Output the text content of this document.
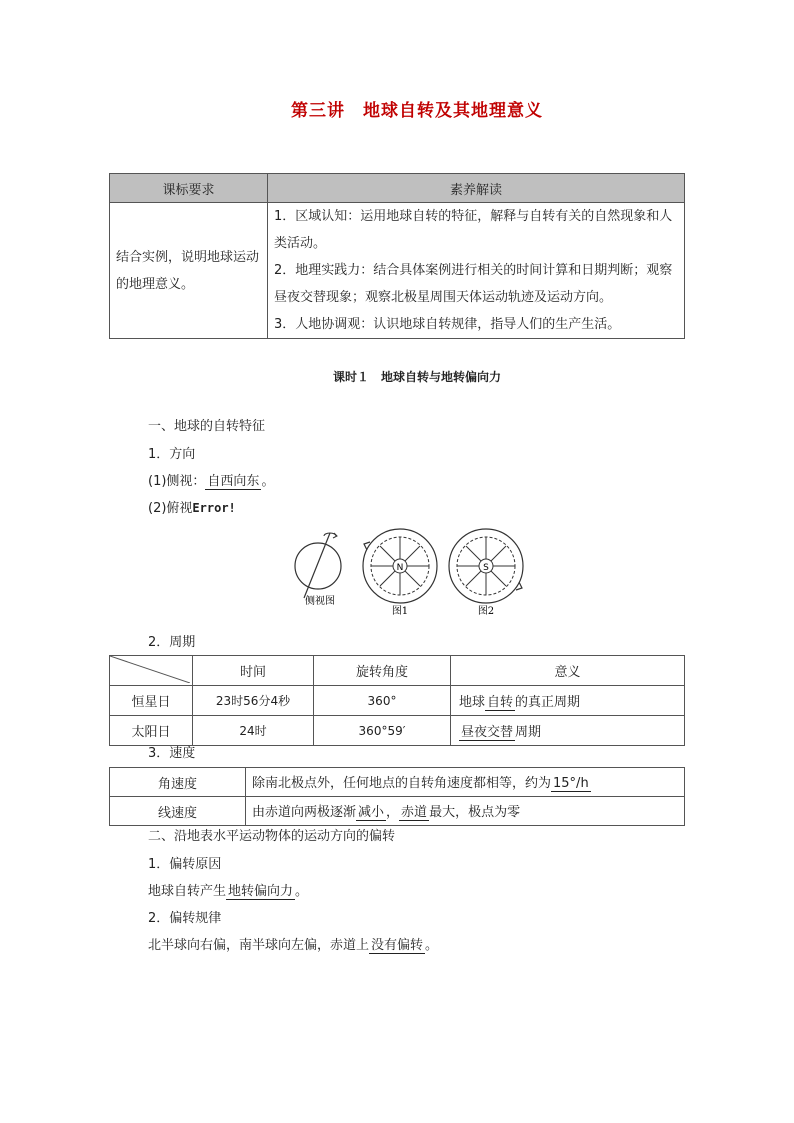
第三讲　地球自转及其地理意义
课标要求	素养解读
结合实例，说明地球运动的地理意义。	1．区域认知：运用地球自转的特征，解释与自转有关的自然现象和人类活动。
2．地理实践力：结合具体案例进行相关的时间计算和日期判断；观察昼夜交替现象；观察北极星周围天体运动轨迹及运动方向。
3．人地协调观：认识地球自转规律，指导人们的生产生活。
课时１　地球自转与地转偏向力
一、地球的自转特征
1．方向
(1)侧视： 自西向东 。
(2)俯视Error!
N	S
侧视图
图1	图2
2．周期
	时间	旋转角度	意义
恒星日	23时56分4秒	360°	地球 自转 的真正周期
太阳日	24时	360°59′	昼夜交替 周期
3．速度
角速度	除南北极点外，任何地点的自转角速度都相等，约为 15°/h
线速度	由赤道向两极逐渐 减小 ， 赤道 最大，极点为零
二、沿地表水平运动物体的运动方向的偏转
1．偏转原因
地球自转产生 地转偏向力 。
2．偏转规律
北半球向右偏，南半球向左偏，赤道上 没有偏转 。
